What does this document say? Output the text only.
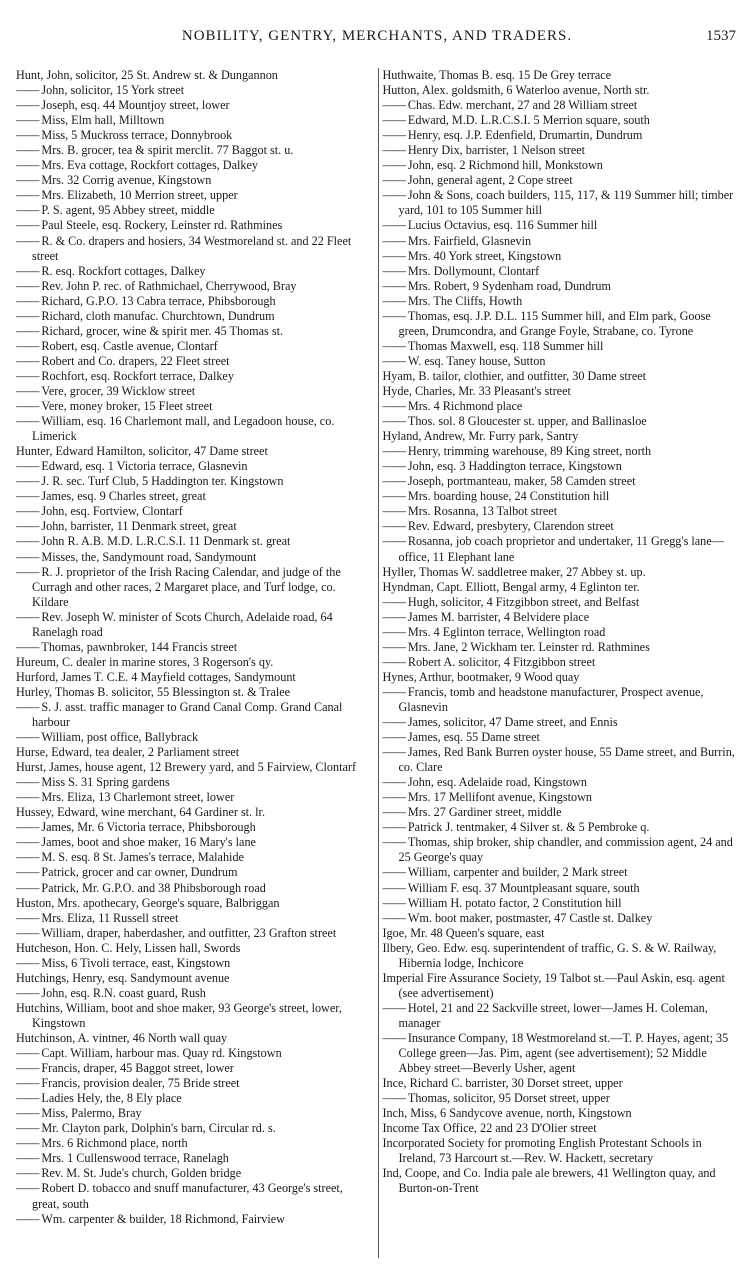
NOBILITY, GENTRY, MERCHANTS, AND TRADERS.	1537

Hunt, John, solicitor, 25 St. Andrew st. & Dungannon

—— John, solicitor, 15 York street

—— Joseph, esq. 44 Mountjoy street, lower

—— Miss, Elm hall, Milltown

—— Miss, 5 Muckross terrace, Donnybrook

—— Mrs. B. grocer, tea & spirit merclit. 77 Baggot st. u.

—— Mrs. Eva cottage, Rockfort cottages, Dalkey

—— Mrs. 32 Corrig avenue, Kingstown

—— Mrs. Elizabeth, 10 Merrion street, upper

—— P. S. agent, 95 Abbey street, middle

—— Paul Steele, esq. Rockery, Leinster rd. Rathmines

—— R. & Co. drapers and hosiers, 34 Westmoreland st. and 22 Fleet street

—— R. esq. Rockfort cottages, Dalkey

—— Rev. John P. rec. of Rathmichael, Cherrywood, Bray

—— Richard, G.P.O. 13 Cabra terrace, Phibsborough

—— Richard, cloth manufac. Churchtown, Dundrum

—— Richard, grocer, wine & spirit mer. 45 Thomas st.

—— Robert, esq. Castle avenue, Clontarf

—— Robert and Co. drapers, 22 Fleet street

—— Rochfort, esq. Rockfort terrace, Dalkey

—— Vere, grocer, 39 Wicklow street

—— Vere, money broker, 15 Fleet street

—— William, esq. 16 Charlemont mall, and Legadoon house, co. Limerick

Hunter, Edward Hamilton, solicitor, 47 Dame street

—— Edward, esq. 1 Victoria terrace, Glasnevin

—— J. R. sec. Turf Club, 5 Haddington ter. Kingstown

—— James, esq. 9 Charles street, great

—— John, esq. Fortview, Clontarf

—— John, barrister, 11 Denmark street, great

—— John R. A.B. M.D. L.R.C.S.I. 11 Denmark st. great

—— Misses, the, Sandymount road, Sandymount

—— R. J. proprietor of the Irish Racing Calendar, and judge of the Curragh and other races, 2 Margaret place, and Turf lodge, co. Kildare

—— Rev. Joseph W. minister of Scots Church, Adelaide road, 64 Ranelagh road

—— Thomas, pawnbroker, 144 Francis street

Hureum, C. dealer in marine stores, 3 Rogerson's qy.

Hurford, James T. C.E. 4 Mayfield cottages, Sandymount

Hurley, Thomas B. solicitor, 55 Blessington st. & Tralee

—— S. J. asst. traffic manager to Grand Canal Comp. Grand Canal harbour

—— William, post office, Ballybrack

Hurse, Edward, tea dealer, 2 Parliament street

Hurst, James, house agent, 12 Brewery yard, and 5 Fairview, Clontarf

—— Miss S. 31 Spring gardens

—— Mrs. Eliza, 13 Charlemont street, lower

Hussey, Edward, wine merchant, 64 Gardiner st. lr.

—— James, Mr. 6 Victoria terrace, Phibsborough

—— James, boot and shoe maker, 16 Mary's lane

—— M. S. esq. 8 St. James's terrace, Malahide

—— Patrick, grocer and car owner, Dundrum

—— Patrick, Mr. G.P.O. and 38 Phibsborough road

Huston, Mrs. apothecary, George's square, Balbriggan

—— Mrs. Eliza, 11 Russell street

—— William, draper, haberdasher, and outfitter, 23 Grafton street

Hutcheson, Hon. C. Hely, Lissen hall, Swords

—— Miss, 6 Tivoli terrace, east, Kingstown

Hutchings, Henry, esq. Sandymount avenue

—— John, esq. R.N. coast guard, Rush

Hutchins, William, boot and shoe maker, 93 George's street, lower, Kingstown

Hutchinson, A. vintner, 46 North wall quay

—— Capt. William, harbour mas. Quay rd. Kingstown

—— Francis, draper, 45 Baggot street, lower

—— Francis, provision dealer, 75 Bride street

—— Ladies Hely, the, 8 Ely place

—— Miss, Palermo, Bray

—— Mr. Clayton park, Dolphin's barn, Circular rd. s.

—— Mrs. 6 Richmond place, north

—— Mrs. 1 Cullenswood terrace, Ranelagh

—— Rev. M. St. Jude's church, Golden bridge

—— Robert D. tobacco and snuff manufacturer, 43 George's street, great, south

—— Wm. carpenter & builder, 18 Richmond, Fairview

Huthwaite, Thomas B. esq. 15 De Grey terrace

Hutton, Alex. goldsmith, 6 Waterloo avenue, North str.

—— Chas. Edw. merchant, 27 and 28 William street

—— Edward, M.D. L.R.C.S.I. 5 Merrion square, south

—— Henry, esq. J.P. Edenfield, Drumartin, Dundrum

—— Henry Dix, barrister, 1 Nelson street

—— John, esq. 2 Richmond hill, Monkstown

—— John, general agent, 2 Cope street

—— John & Sons, coach builders, 115, 117, & 119 Summer hill; timber yard, 101 to 105 Summer hill

—— Lucius Octavius, esq. 116 Summer hill

—— Mrs. Fairfield, Glasnevin

—— Mrs. 40 York street, Kingstown

—— Mrs. Dollymount, Clontarf

—— Mrs. Robert, 9 Sydenham road, Dundrum

—— Mrs. The Cliffs, Howth

—— Thomas, esq. J.P. D.L. 115 Summer hill, and Elm park, Goose green, Drumcondra, and Grange Foyle, Strabane, co. Tyrone

—— Thomas Maxwell, esq. 118 Summer hill

—— W. esq. Taney house, Sutton

Hyam, B. tailor, clothier, and outfitter, 30 Dame street

Hyde, Charles, Mr. 33 Pleasant's street

—— Mrs. 4 Richmond place

—— Thos. sol. 8 Gloucester st. upper, and Ballinasloe

Hyland, Andrew, Mr. Furry park, Santry

—— Henry, trimming warehouse, 89 King street, north

—— John, esq. 3 Haddington terrace, Kingstown

—— Joseph, portmanteau, maker, 58 Camden street

—— Mrs. boarding house, 24 Constitution hill

—— Mrs. Rosanna, 13 Talbot street

—— Rev. Edward, presbytery, Clarendon street

—— Rosanna, job coach proprietor and undertaker, 11 Gregg's lane—office, 11 Elephant lane

Hyller, Thomas W. saddletree maker, 27 Abbey st. up.

Hyndman, Capt. Elliott, Bengal army, 4 Eglinton ter.

—— Hugh, solicitor, 4 Fitzgibbon street, and Belfast

—— James M. barrister, 4 Belvidere place

—— Mrs. 4 Eglinton terrace, Wellington road

—— Mrs. Jane, 2 Wickham ter. Leinster rd. Rathmines

—— Robert A. solicitor, 4 Fitzgibbon street

Hynes, Arthur, bootmaker, 9 Wood quay

—— Francis, tomb and headstone manufacturer, Prospect avenue, Glasnevin

—— James, solicitor, 47 Dame street, and Ennis

—— James, esq. 55 Dame street

—— James, Red Bank Burren oyster house, 55 Dame street, and Burrin, co. Clare

—— John, esq. Adelaide road, Kingstown

—— Mrs. 17 Mellifont avenue, Kingstown

—— Mrs. 27 Gardiner street, middle

—— Patrick J. tentmaker, 4 Silver st. & 5 Pembroke q.

—— Thomas, ship broker, ship chandler, and commission agent, 24 and 25 George's quay

—— William, carpenter and builder, 2 Mark street

—— William F. esq. 37 Mountpleasant square, south

—— William H. potato factor, 2 Constitution hill

—— Wm. boot maker, postmaster, 47 Castle st. Dalkey

Igoe, Mr. 48 Queen's square, east

Ilbery, Geo. Edw. esq. superintendent of traffic, G. S. & W. Railway, Hibernia lodge, Inchicore

Imperial Fire Assurance Society, 19 Talbot st.—Paul Askin, esq. agent (see advertisement)

—— Hotel, 21 and 22 Sackville street, lower—James H. Coleman, manager

—— Insurance Company, 18 Westmoreland st.—T. P. Hayes, agent; 35 College green—Jas. Pim, agent (see advertisement); 52 Middle Abbey street—Beverly Usher, agent

Ince, Richard C. barrister, 30 Dorset street, upper

—— Thomas, solicitor, 95 Dorset street, upper

Inch, Miss, 6 Sandycove avenue, north, Kingstown

Income Tax Office, 22 and 23 D'Olier street

Incorporated Society for promoting English Protestant Schools in Ireland, 73 Harcourt st.—Rev. W. Hackett, secretary

Ind, Coope, and Co. India pale ale brewers, 41 Wellington quay, and Burton-on-Trent
